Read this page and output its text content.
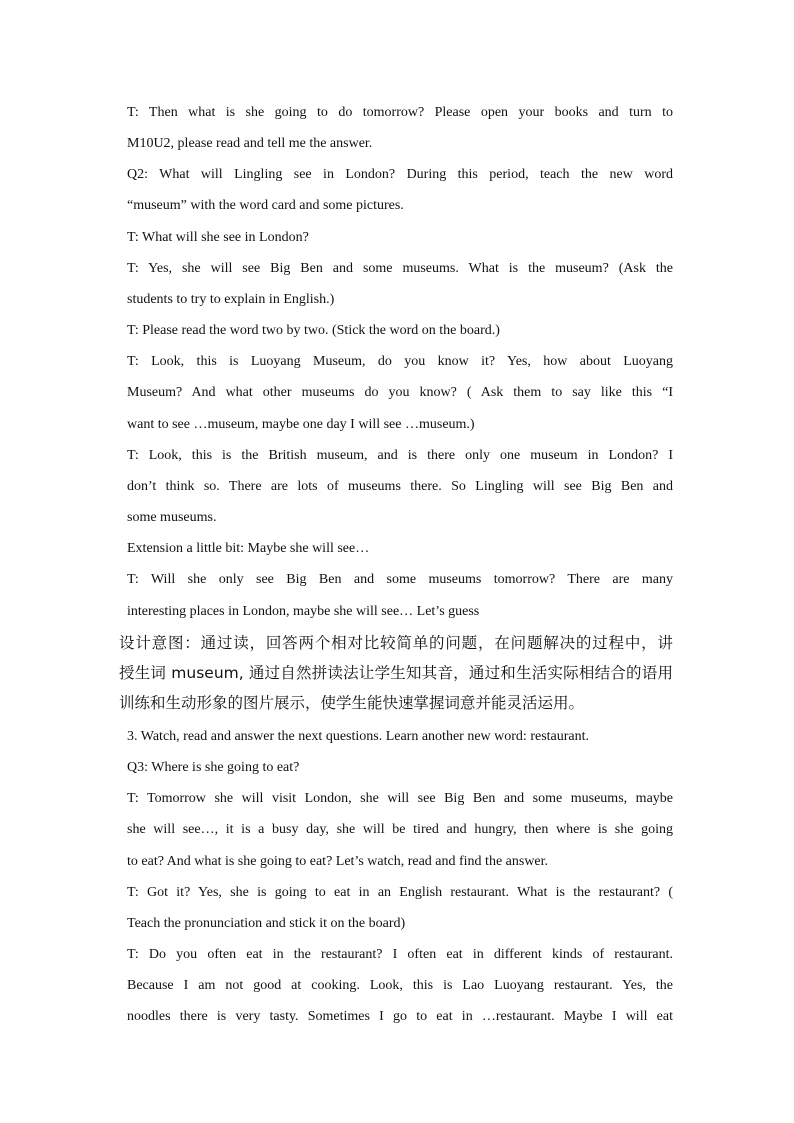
T: Then what is she going to do tomorrow? Please open your books and turn to
M10U2, please read and tell me the answer.
Q2: What will Lingling see in London? During this period, teach the new word
“museum” with the word card and some pictures.
T: What will she see in London?
T: Yes, she will see Big Ben and some museums. What is the museum? (Ask the
students to try to explain in English.)
T: Please read the word two by two. (Stick the word on the board.)
T: Look, this is Luoyang Museum, do you know it? Yes, how about Luoyang
Museum? And what other museums do you know? ( Ask them to say like this “I
want to see …museum, maybe one day I will see …museum.)
T: Look, this is the British museum, and is there only one museum in London? I
don’t think so. There are lots of museums there. So Lingling will see Big Ben and
some museums.
Extension a little bit: Maybe she will see…
T: Will she only see Big Ben and some museums tomorrow? There are many
interesting places in London, maybe she will see… Let’s guess
设计意图：通过读，回答两个相对比较简单的问题，在问题解决的过程中，讲
授生词 museum, 通过自然拼读法让学生知其音，通过和生活实际相结合的语用
训练和生动形象的图片展示，使学生能快速掌握词意并能灵活运用。
3. Watch, read and answer the next questions. Learn another new word: restaurant.
Q3: Where is she going to eat?
T: Tomorrow she will visit London, she will see Big Ben and some museums, maybe
she will see…, it is a busy day, she will be tired and hungry, then where is she going
to eat? And what is she going to eat? Let’s watch, read and find the answer.
T: Got it? Yes, she is going to eat in an English restaurant. What is the restaurant? (
Teach the pronunciation and stick it on the board)
T: Do you often eat in the restaurant? I often eat in different kinds of restaurant.
Because I am not good at cooking. Look, this is Lao Luoyang restaurant. Yes, the
noodles there is very tasty. Sometimes I go to eat in …restaurant. Maybe I will eat
